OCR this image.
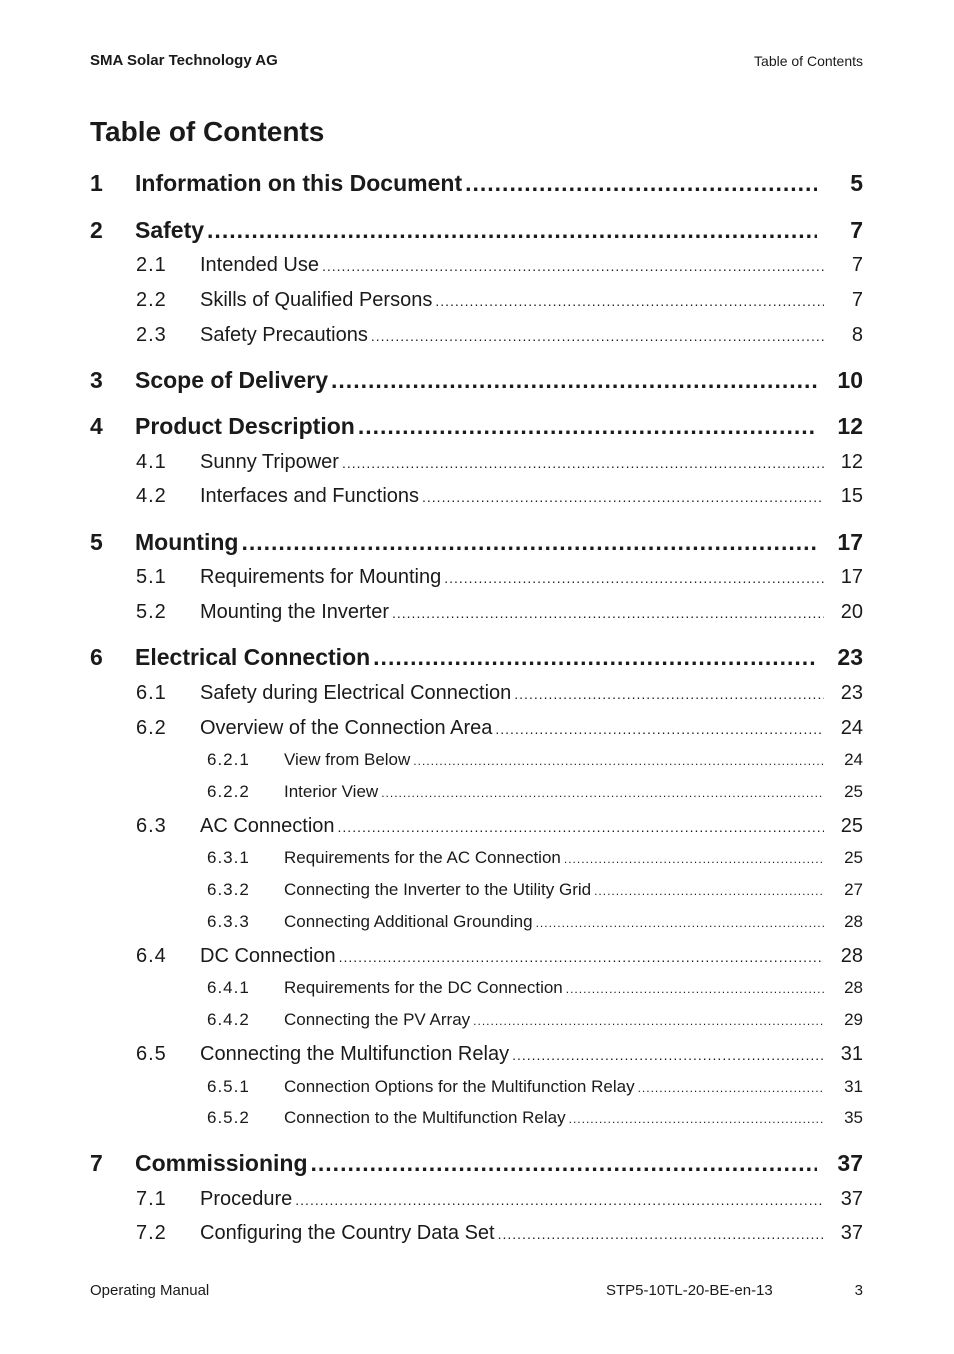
SMA Solar Technology AG	Table of Contents
Table of Contents
1 Information on this Document .....	5
2 Safety .....	7
2.1 Intended Use .....	7
2.2 Skills of Qualified Persons .....	7
2.3 Safety Precautions .....	8
3 Scope of Delivery .....	10
4 Product Description .....	12
4.1 Sunny Tripower .....	12
4.2 Interfaces and Functions .....	15
5 Mounting .....	17
5.1 Requirements for Mounting .....	17
5.2 Mounting the Inverter .....	20
6 Electrical Connection .....	23
6.1 Safety during Electrical Connection .....	23
6.2 Overview of the Connection Area .....	24
6.2.1 View from Below .....	24
6.2.2 Interior View .....	25
6.3 AC Connection .....	25
6.3.1 Requirements for the AC Connection .....	25
6.3.2 Connecting the Inverter to the Utility Grid .....	27
6.3.3 Connecting Additional Grounding .....	28
6.4 DC Connection .....	28
6.4.1 Requirements for the DC Connection .....	28
6.4.2 Connecting the PV Array .....	29
6.5 Connecting the Multifunction Relay .....	31
6.5.1 Connection Options for the Multifunction Relay .....	31
6.5.2 Connection to the Multifunction Relay .....	35
7 Commissioning .....	37
7.1 Procedure .....	37
7.2 Configuring the Country Data Set .....	37
Operating Manual	STP5-10TL-20-BE-en-13	3
